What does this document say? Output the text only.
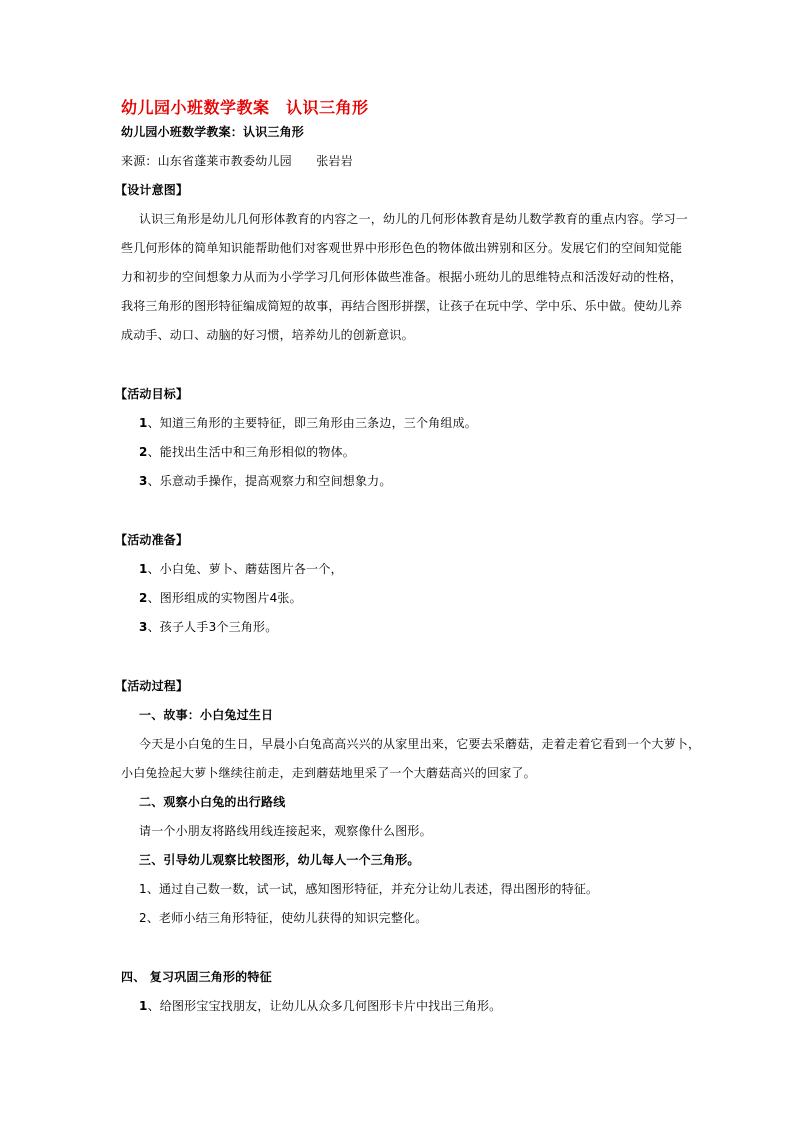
幼儿园小班数学教案　认识三角形
幼儿园小班数学教案：认识三角形
来源：山东省蓬莱市教委幼儿园　　张岩岩
【设计意图】
认识三角形是幼儿几何形体教育的内容之一，幼儿的几何形体教育是幼儿数学教育的重点内容。学习一
些几何形体的简单知识能帮助他们对客观世界中形形色色的物体做出辨别和区分。发展它们的空间知觉能
力和初步的空间想象力从而为小学学习几何形体做些准备。根据小班幼儿的思维特点和活泼好动的性格，
我将三角形的图形特征编成简短的故事，再结合图形拼摆，让孩子在玩中学、学中乐、乐中做。使幼儿养
成动手、动口、动脑的好习惯，培养幼儿的创新意识。
【活动目标】
1、知道三角形的主要特征，即三角形由三条边，三个角组成。
2、能找出生活中和三角形相似的物体。
3、乐意动手操作，提高观察力和空间想象力。
【活动准备】
1、小白兔、萝卜、蘑菇图片各一个，
2、图形组成的实物图片4张。
3、孩子人手3个三角形。
【活动过程】
一、故事：小白兔过生日
今天是小白兔的生日，早晨小白兔高高兴兴的从家里出来，它要去采蘑菇，走着走着它看到一个大萝卜，
小白兔捡起大萝卜继续往前走，走到蘑菇地里采了一个大蘑菇高兴的回家了。
二、观察小白兔的出行路线
请一个小朋友将路线用线连接起来，观察像什么图形。
三、引导幼儿观察比较图形，幼儿每人一个三角形。
1、通过自己数一数，试一试，感知图形特征，并充分让幼儿表述，得出图形的特征。
2、老师小结三角形特征，使幼儿获得的知识完整化。
四、 复习巩固三角形的特征
1、给图形宝宝找朋友，让幼儿从众多几何图形卡片中找出三角形。
